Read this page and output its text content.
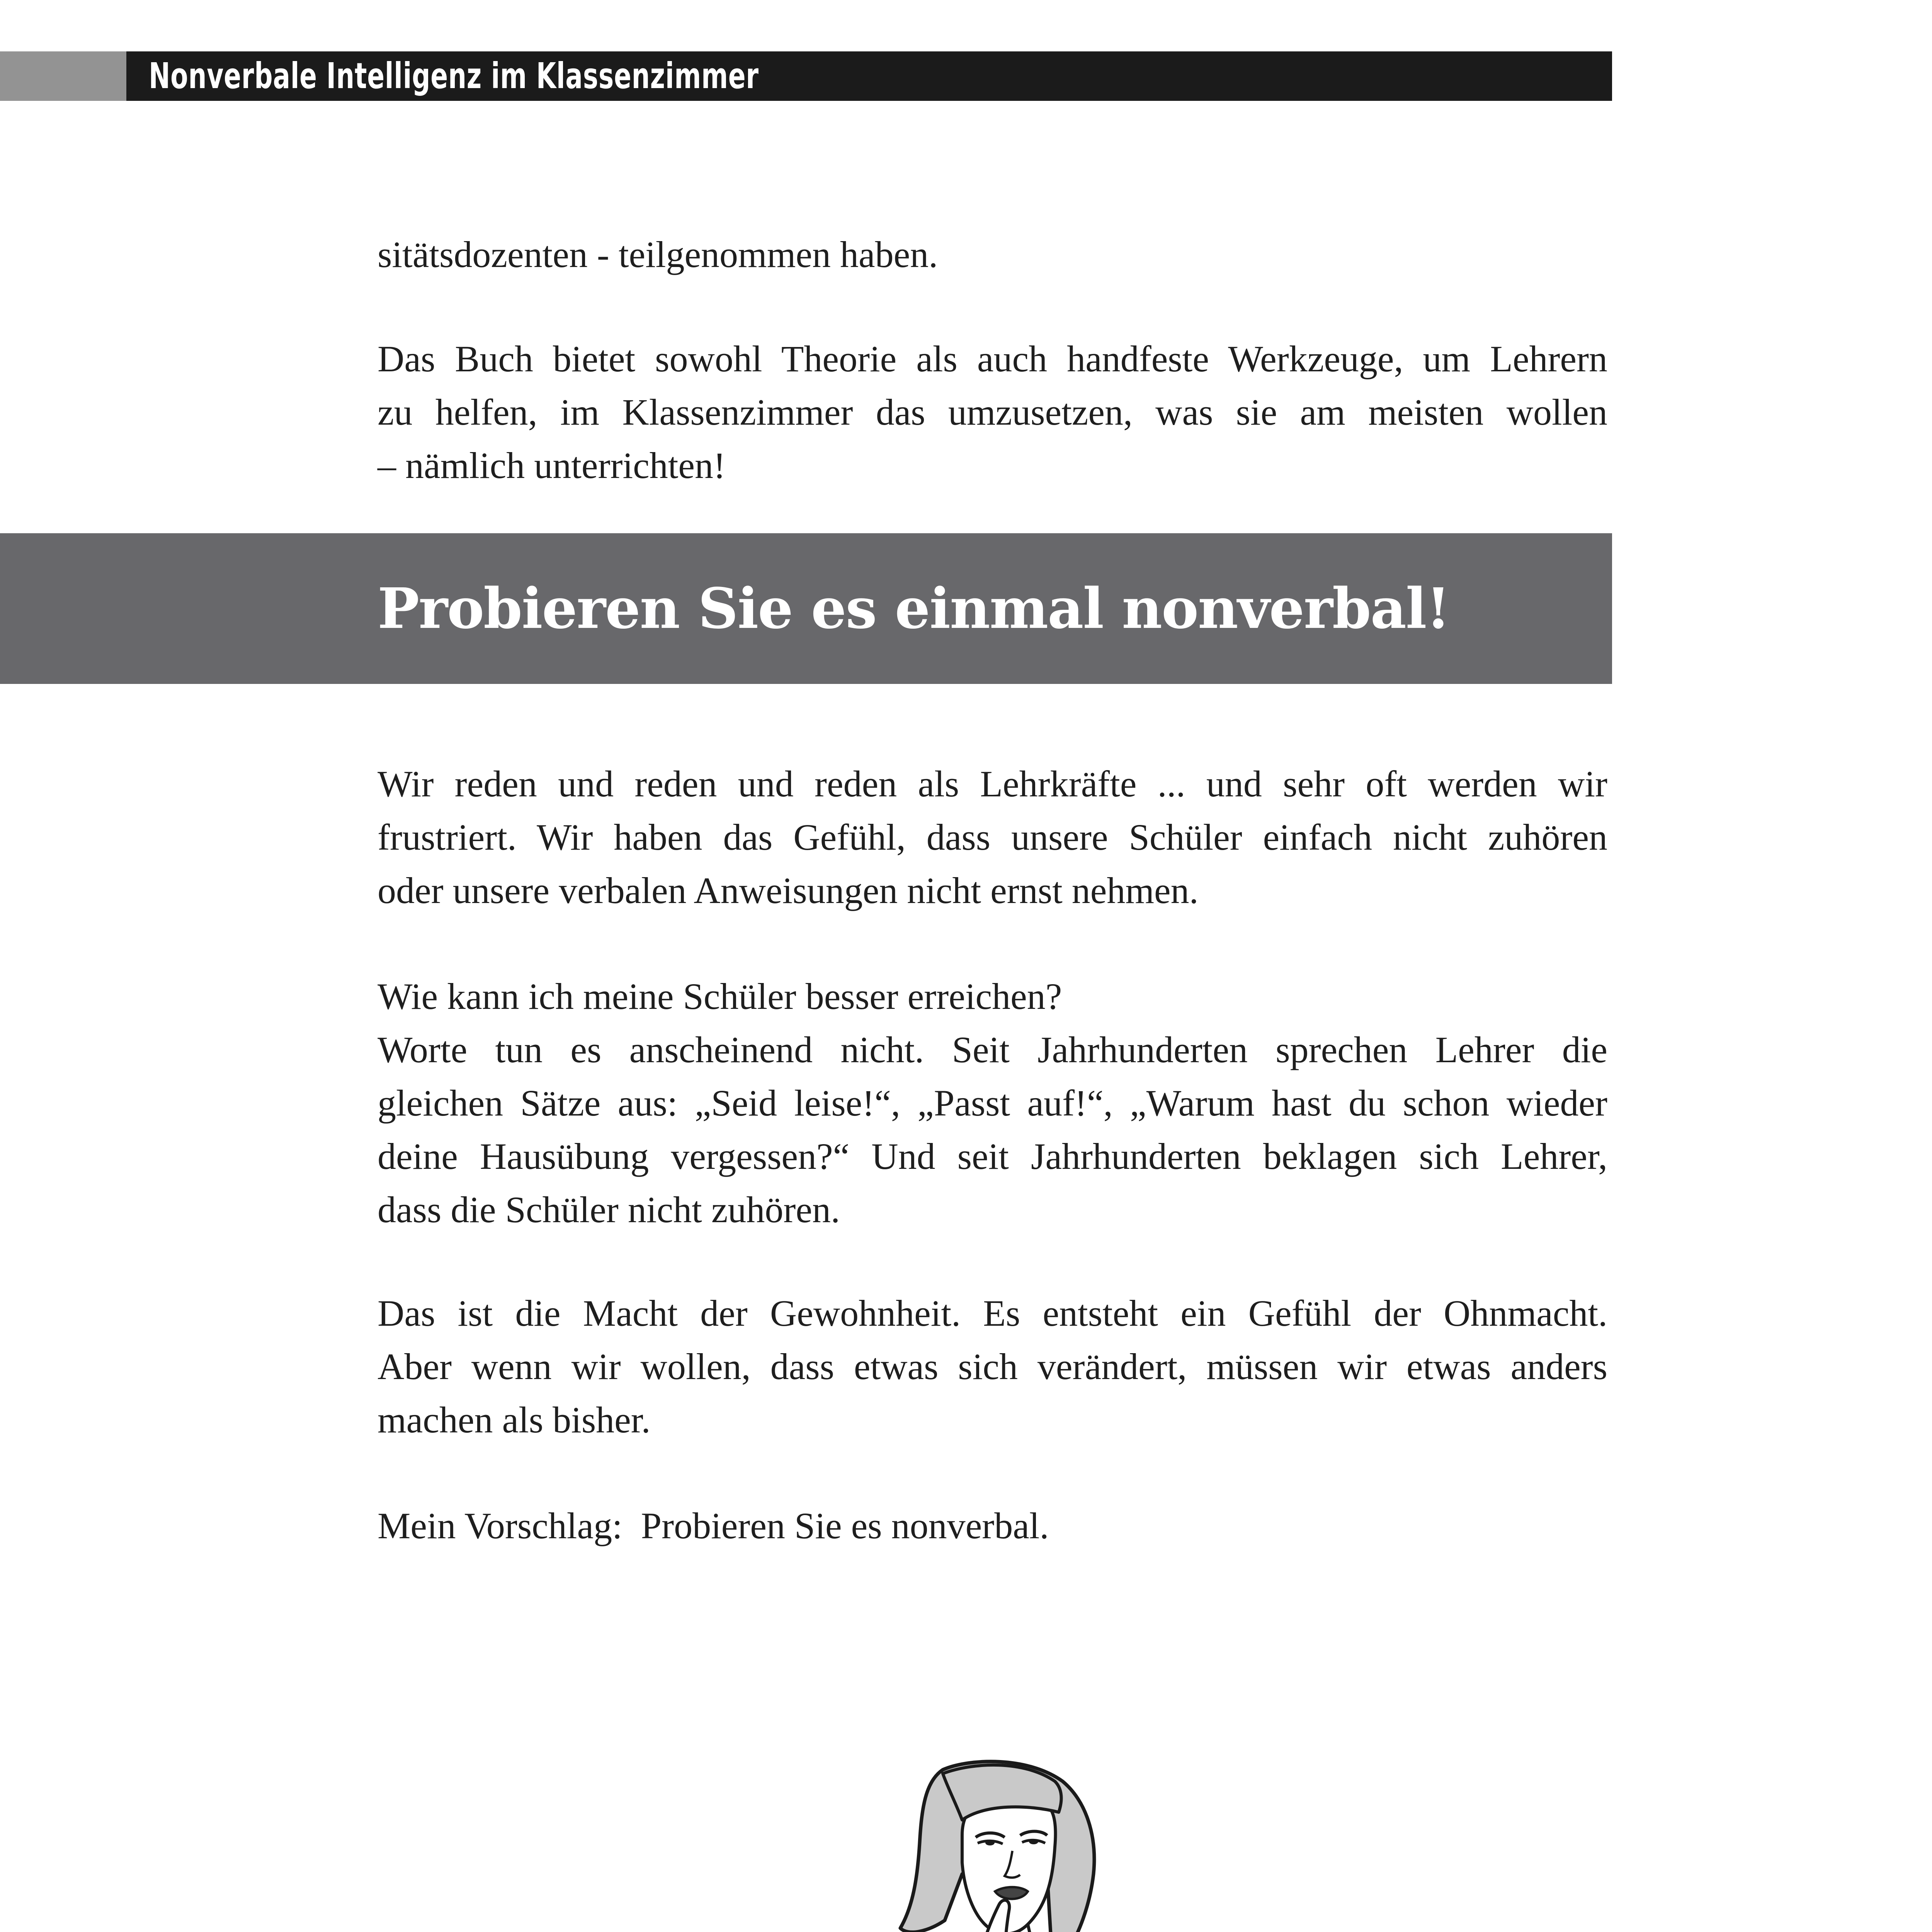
Nonverbale Intelligenz im Klassenzimmer
sitätsdozenten - teilgenommen haben.
Das Buch bietet sowohl Theorie als auch handfeste Werkzeuge, um Lehrern
zu helfen, im Klassenzimmer das umzusetzen, was sie am meisten wollen
– nämlich unterrichten!
Probieren Sie es einmal nonverbal!
Wir reden und reden und reden als Lehrkräfte ... und sehr oft werden wir
frustriert. Wir haben das Gefühl, dass unsere Schüler einfach nicht zuhören
oder unsere verbalen Anweisungen nicht ernst nehmen.
Wie kann ich meine Schüler besser erreichen?
Worte tun es anscheinend nicht. Seit Jahrhunderten sprechen Lehrer die
gleichen Sätze aus: „Seid leise!“, „Passt auf!“, „Warum hast du schon wieder
deine Hausübung vergessen?“ Und seit Jahrhunderten beklagen sich Lehrer,
dass die Schüler nicht zuhören.
Das ist die Macht der Gewohnheit. Es entsteht ein Gefühl der Ohnmacht.
Aber wenn wir wollen, dass etwas sich verändert, müssen wir etwas anders
machen als bisher.
Mein Vorschlag:  Probieren Sie es nonverbal.
